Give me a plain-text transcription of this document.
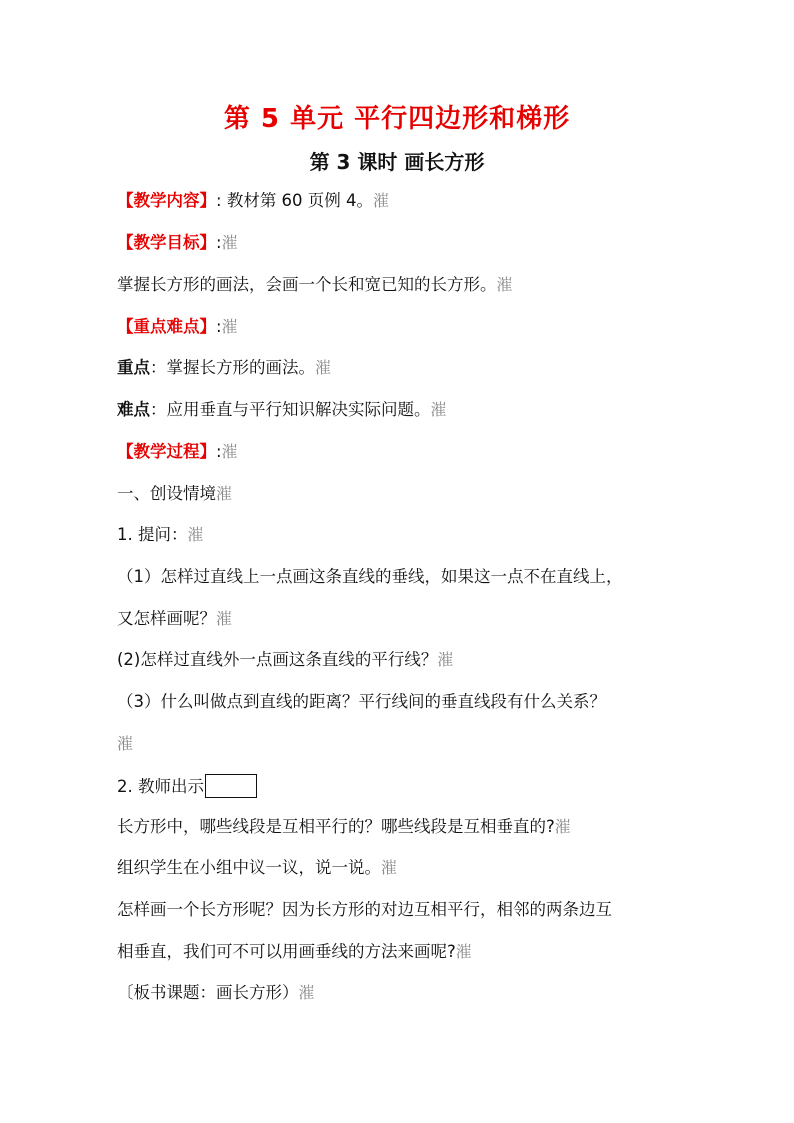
第 5 单元 平行四边形和梯形
第 3 课时 画长方形
【教学内容】: 教材第 60 页例 4。漼
【教学目标】:漼
掌握长方形的画法，会画一个长和宽已知的长方形。漼
【重点难点】:漼
重点：掌握长方形的画法。漼
难点：应用垂直与平行知识解决实际问题。漼
【教学过程】:漼
一、创设情境漼
1. 提问：漼
（1）怎样过直线上一点画这条直线的垂线，如果这一点不在直线上，
又怎样画呢？漼
(2)怎样过直线外一点画这条直线的平行线？漼
（3）什么叫做点到直线的距离？平行线间的垂直线段有什么关系？
漼
2. 教师出示
长方形中，哪些线段是互相平行的？哪些线段是互相垂直的?漼
组织学生在小组中议一议，说一说。漼
怎样画一个长方形呢？因为长方形的对边互相平行，相邻的两条边互
相垂直，我们可不可以用画垂线的方法来画呢?漼
〔板书课题：画长方形）漼
